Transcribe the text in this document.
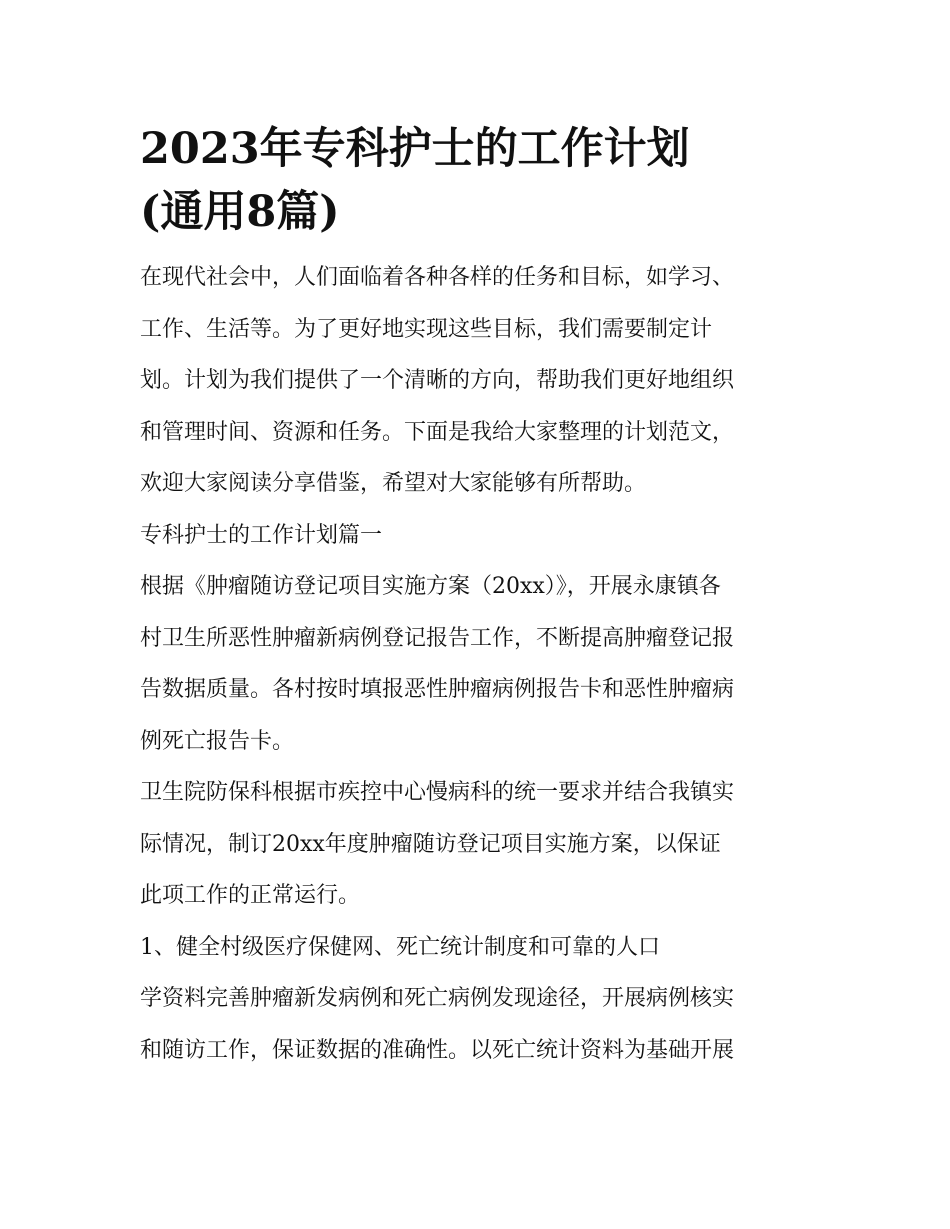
2023年专科护士的工作计划
(通用8篇)

在现代社会中，人们面临着各种各样的任务和目标，如学习、
工作、生活等。为了更好地实现这些目标，我们需要制定计
划。计划为我们提供了一个清晰的方向，帮助我们更好地组织
和管理时间、资源和任务。下面是我给大家整理的计划范文，
欢迎大家阅读分享借鉴，希望对大家能够有所帮助。

专科护士的工作计划篇一

根据《肿瘤随访登记项目实施方案（20xx）》，开展永康镇各
村卫生所恶性肿瘤新病例登记报告工作，不断提高肿瘤登记报
告数据质量。各村按时填报恶性肿瘤病例报告卡和恶性肿瘤病
例死亡报告卡。

卫生院防保科根据市疾控中心慢病科的统一要求并结合我镇实
际情况，制订20xx年度肿瘤随访登记项目实施方案，以保证
此项工作的正常运行。

1、健全村级医疗保健网、死亡统计制度和可靠的人口

学资料完善肿瘤新发病例和死亡病例发现途径，开展病例核实
和随访工作，保证数据的准确性。以死亡统计资料为基础开展
